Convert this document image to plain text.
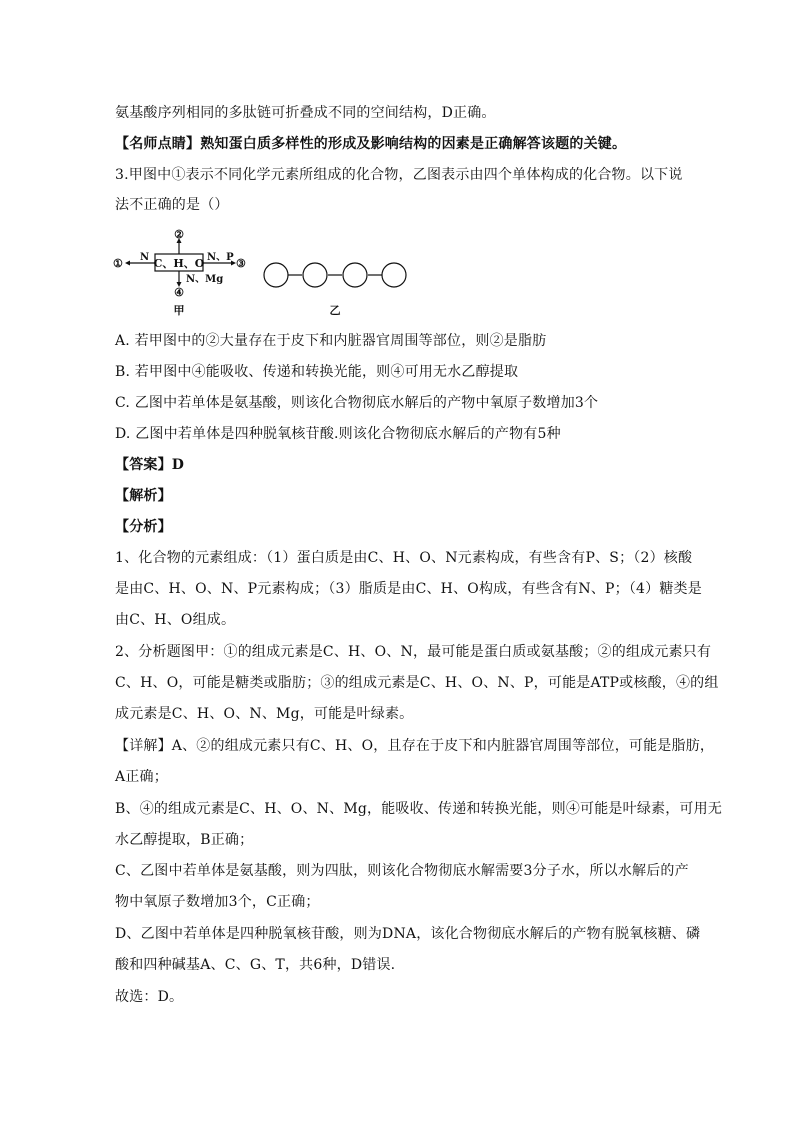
氨基酸序列相同的多肽链可折叠成不同的空间结构，D正确。
【名师点睛】熟知蛋白质多样性的形成及影响结构的因素是正确解答该题的关键。
3.甲图中①表示不同化学元素所组成的化合物，乙图表示由四个单体构成的化合物。以下说
法不正确的是（）
C、H、O
②
① N	③
N、P
④
N、Mg
甲	乙
A. 若甲图中的②大量存在于皮下和内脏器官周围等部位，则②是脂肪
B. 若甲图中④能吸收、传递和转换光能，则④可用无水乙醇提取
C. 乙图中若单体是氨基酸，则该化合物彻底水解后的产物中氧原子数增加3个
D. 乙图中若单体是四种脱氧核苷酸.则该化合物彻底水解后的产物有5种
【答案】D
【解析】
【分析】
1、化合物的元素组成：（1）蛋白质是由C、H、O、N元素构成，有些含有P、S；（2）核酸
是由C、H、O、N、P元素构成；（3）脂质是由C、H、O构成，有些含有N、P；（4）糖类是
由C、H、O组成。
2、分析题图甲：①的组成元素是C、H、O、N，最可能是蛋白质或氨基酸；②的组成元素只有
C、H、O，可能是糖类或脂肪；③的组成元素是C、H、O、N、P，可能是ATP或核酸，④的组
成元素是C、H、O、N、Mg，可能是叶绿素。
【详解】A、②的组成元素只有C、H、O，且存在于皮下和内脏器官周围等部位，可能是脂肪，
A正确；
B、④的组成元素是C、H、O、N、Mg，能吸收、传递和转换光能，则④可能是叶绿素，可用无
水乙醇提取，B正确；
C、乙图中若单体是氨基酸，则为四肽，则该化合物彻底水解需要3分子水，所以水解后的产
物中氧原子数增加3个，C正确；
D、乙图中若单体是四种脱氧核苷酸，则为DNA，该化合物彻底水解后的产物有脱氧核糖、磷
酸和四种碱基A、C、G、T，共6种，D错误.
故选：D。
